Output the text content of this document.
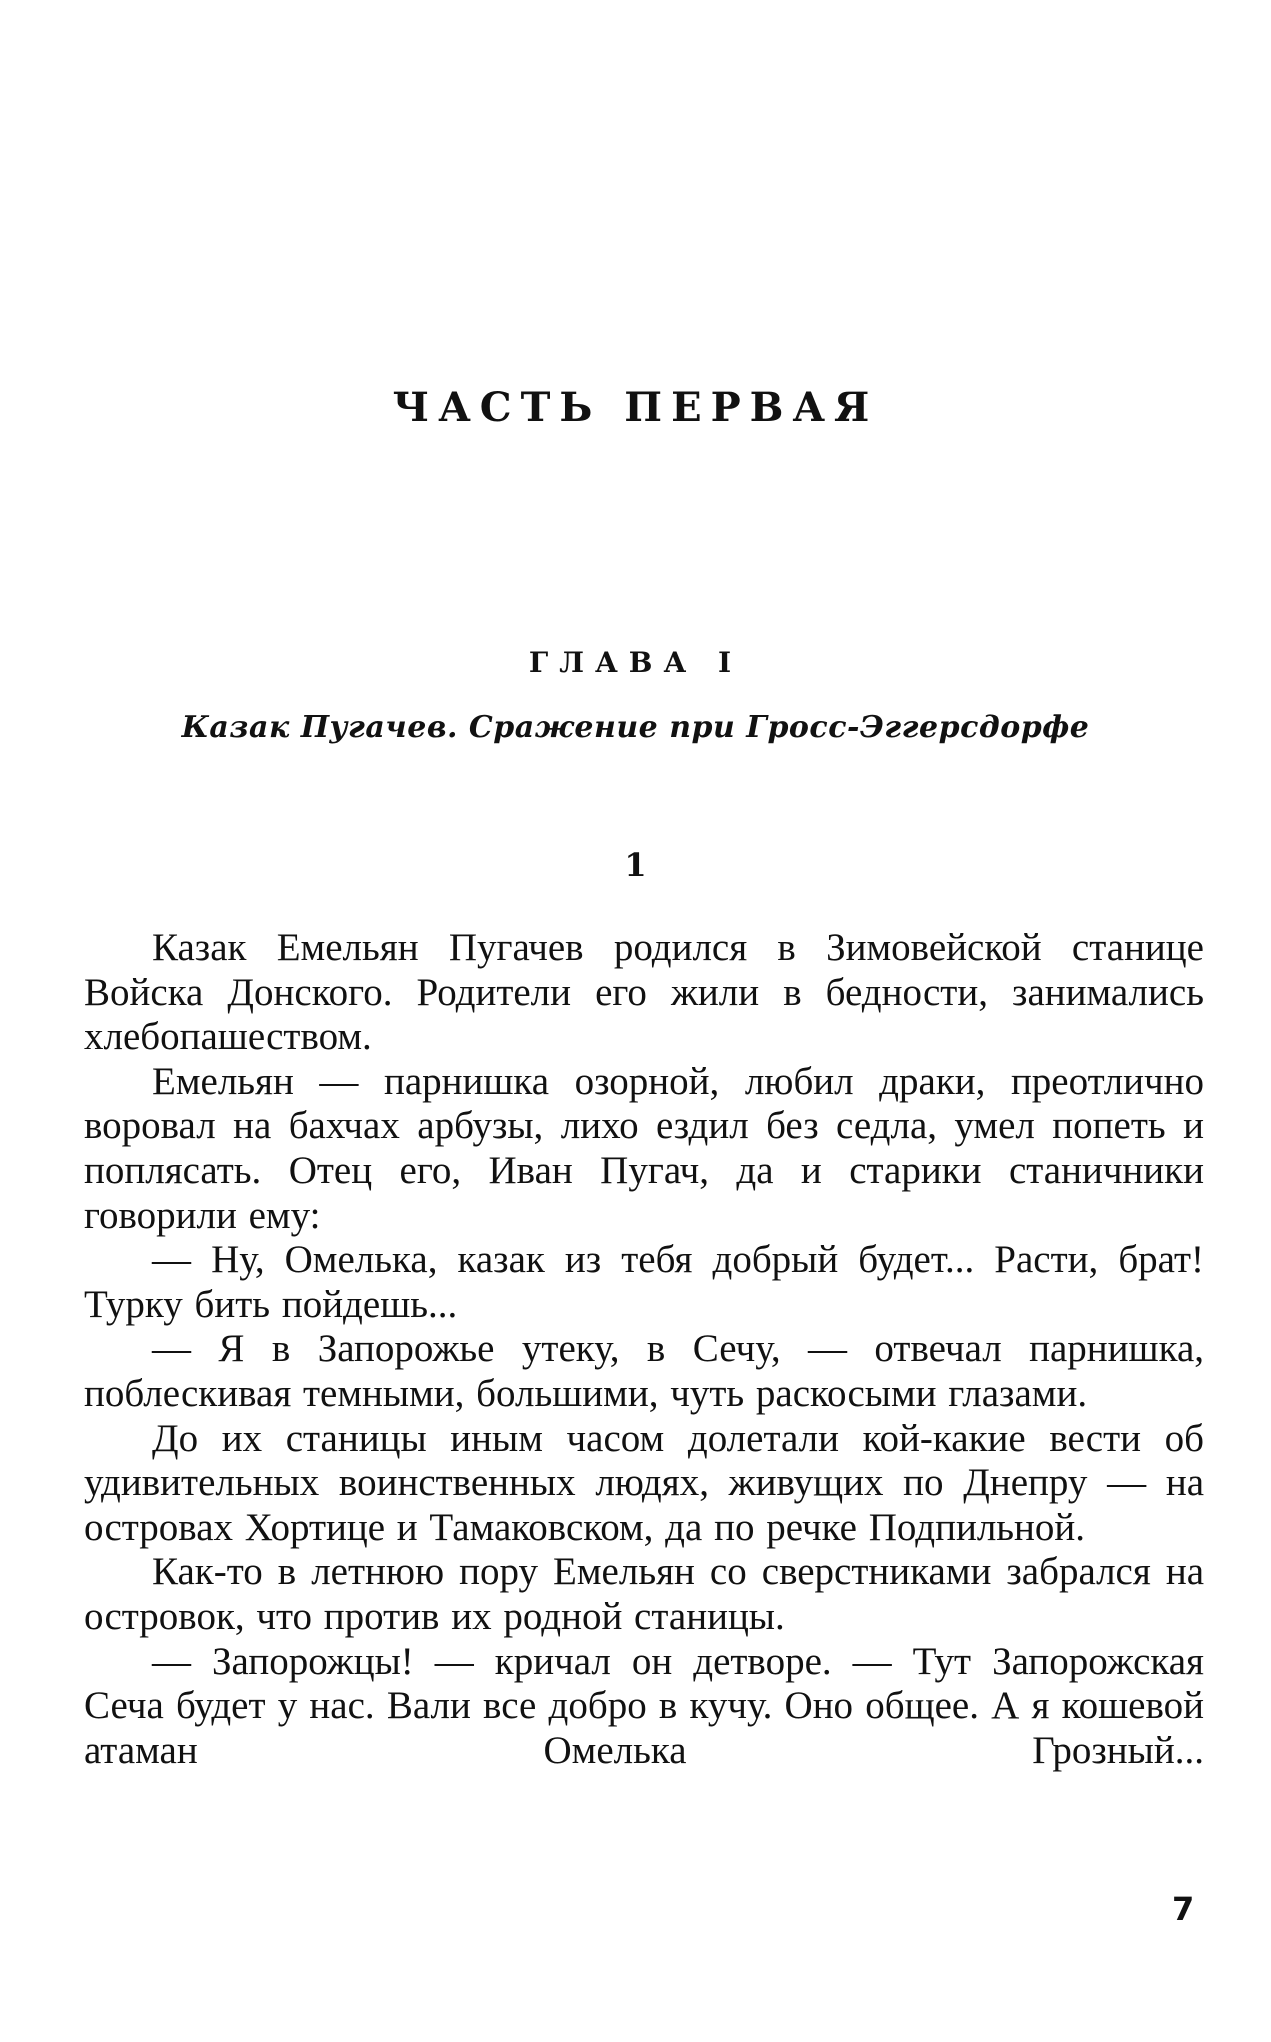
ЧАСТЬ ПЕРВАЯ
ГЛАВА I
Казак Пугачев. Сражение при Гросс-Эггерсдорфе
1

Казак Емельян Пугачев родился в Зимовейской станице Войска Донского. Родители его жили в бедности, занимались хлебопашеством.

Емельян — парнишка озорной, любил драки, преотлично воровал на бахчах арбузы, лихо ездил без седла, умел попеть и поплясать. Отец его, Иван Пугач, да и старики станичники говорили ему:

— Ну, Омелька, казак из тебя добрый будет... Расти, брат! Турку бить пойдешь...

— Я в Запорожье утеку, в Сечу, — отвечал парнишка, поблескивая темными, большими, чуть раскосыми глазами.

До их станицы иным часом долетали кой-какие вести об удивительных воинственных людях, живущих по Днепру — на островах Хортице и Тамаковском, да по речке Подпильной.

Как-то в летнюю пору Емельян со сверстниками забрался на островок, что против их родной станицы.

— Запорожцы! — кричал он детворе. — Тут Запорожская Сеча будет у нас. Вали все добро в кучу. Оно общее. А я кошевой атаман Омелька Грозный...

7
